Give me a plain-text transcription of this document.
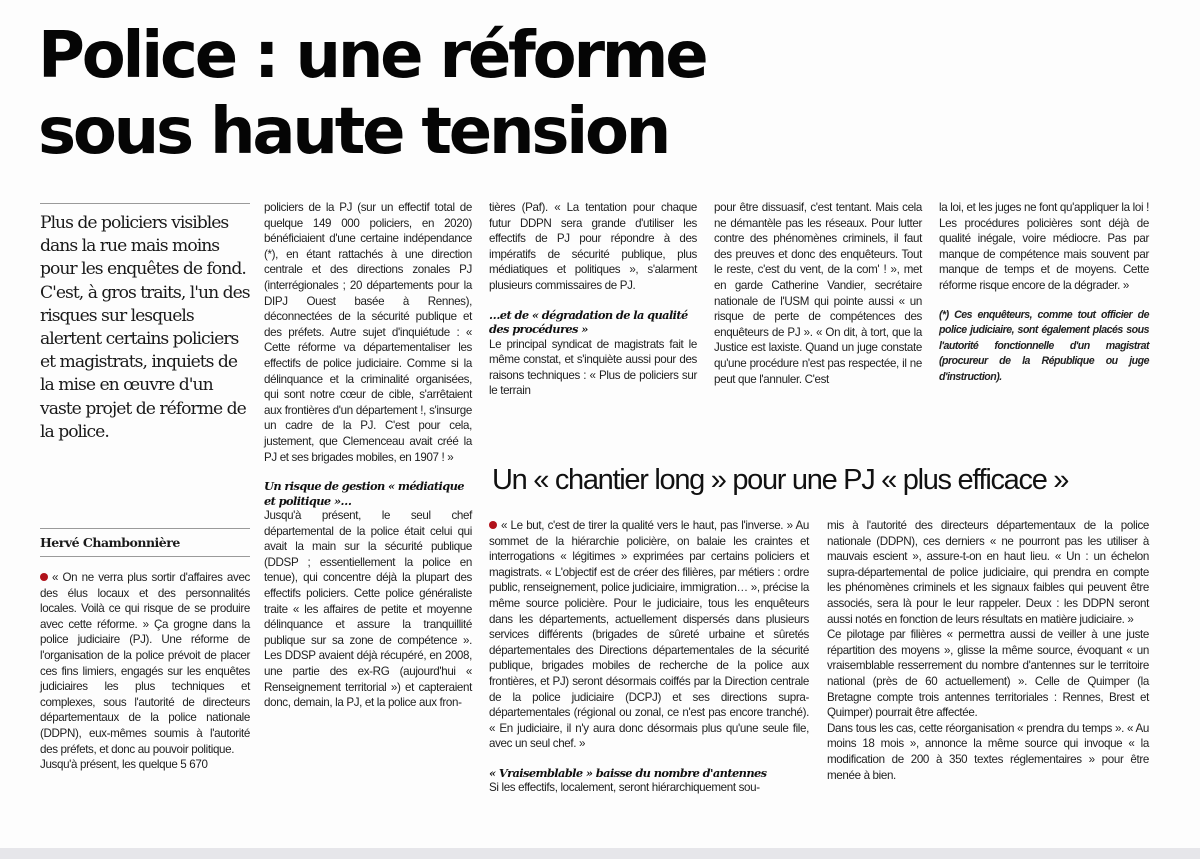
Police : une réforme
sous haute tension
Plus de policiers visibles dans la rue mais moins pour les enquêtes de fond. C'est, à gros traits, l'un des risques sur lesquels alertent certains policiers et magistrats, inquiets de la mise en œuvre d'un vaste projet de réforme de la police.
Hervé Chambonnière

« On ne verra plus sortir d'affaires avec des élus locaux et des personnalités locales. Voilà ce qui risque de se produire avec cette réforme. » Ça grogne dans la police judiciaire (PJ). Une réforme de l'organisation de la police prévoit de placer ces fins limiers, engagés sur les enquêtes judiciaires les plus techniques et complexes, sous l'autorité de directeurs départementaux de la police nationale (DDPN), eux-mêmes soumis à l'autorité des préfets, et donc au pouvoir politique.

Jusqu'à présent, les quelque 5 670

policiers de la PJ (sur un effectif total de quelque 149 000 policiers, en 2020) bénéficiaient d'une certaine indépendance (*), en étant rattachés à une direction centrale et des directions zonales PJ (interrégionales ; 20 départements pour la DIPJ Ouest basée à Rennes), déconnectées de la sécurité publique et des préfets. Autre sujet d'inquiétude : « Cette réforme va départementaliser les effectifs de police judiciaire. Comme si la délinquance et la criminalité organisées, qui sont notre cœur de cible, s'arrêtaient aux frontières d'un département !, s'insurge un cadre de la PJ. C'est pour cela, justement, que Clemenceau avait créé la PJ et ses brigades mobiles, en 1907 ! »

Un risque de gestion « médiatique et politique »…

Jusqu'à présent, le seul chef départemental de la police était celui qui avait la main sur la sécurité publique (DDSP ; essentiellement la police en tenue), qui concentre déjà la plupart des effectifs policiers. Cette police généraliste traite « les affaires de petite et moyenne délinquance et assure la tranquillité publique sur sa zone de compétence ». Les DDSP avaient déjà récupéré, en 2008, une partie des ex-RG (aujourd'hui « Renseignement territorial ») et capteraient donc, demain, la PJ, et la police aux fron-

tières (Paf). « La tentation pour chaque futur DDPN sera grande d'utiliser les effectifs de PJ pour répondre à des impératifs de sécurité publique, plus médiatiques et politiques », s'alarment plusieurs commissaires de PJ.

…et de « dégradation de la qualité des procédures »

Le principal syndicat de magistrats fait le même constat, et s'inquiète aussi pour des raisons techniques : « Plus de policiers sur le terrain

pour être dissuasif, c'est tentant. Mais cela ne démantèle pas les réseaux. Pour lutter contre des phénomènes criminels, il faut des preuves et donc des enquêteurs. Tout le reste, c'est du vent, de la com' ! », met en garde Catherine Vandier, secrétaire nationale de l'USM qui pointe aussi « un risque de perte de compétences des enquêteurs de PJ ». « On dit, à tort, que la Justice est laxiste. Quand un juge constate qu'une procédure n'est pas respectée, il ne peut que l'annuler. C'est

la loi, et les juges ne font qu'appliquer la loi ! Les procédures policières sont déjà de qualité inégale, voire médiocre. Pas par manque de compétence mais souvent par manque de temps et de moyens. Cette réforme risque encore de la dégrader. »

(*) Ces enquêteurs, comme tout officier de police judiciaire, sont également placés sous l'autorité fonctionnelle d'un magistrat (procureur de la République ou juge d'instruction).

Un « chantier long » pour une PJ « plus efficace »

« Le but, c'est de tirer la qualité vers le haut, pas l'inverse. » Au sommet de la hiérarchie policière, on balaie les craintes et interrogations « légitimes » exprimées par certains policiers et magistrats. « L'objectif est de créer des filières, par métiers : ordre public, renseignement, police judiciaire, immigration… », précise la même source policière. Pour le judiciaire, tous les enquêteurs dans les départements, actuellement dispersés dans plusieurs services différents (brigades de sûreté urbaine et sûretés départementales des Directions départementales de la sécurité publique, brigades mobiles de recherche de la police aux frontières, et PJ) seront désormais coiffés par la Direction centrale de la police judiciaire (DCPJ) et ses directions supra-départementales (régional ou zonal, ce n'est pas encore tranché). « En judiciaire, il n'y aura donc désormais plus qu'une seule file, avec un seul chef. »

« Vraisemblable » baisse du nombre d'antennes

Si les effectifs, localement, seront hiérarchiquement sou-

mis à l'autorité des directeurs départementaux de la police nationale (DDPN), ces derniers « ne pourront pas les utiliser à mauvais escient », assure-t-on en haut lieu. « Un : un échelon supra-départemental de police judiciaire, qui prendra en compte les phénomènes criminels et les signaux faibles qui peuvent être associés, sera là pour le leur rappeler. Deux : les DDPN seront aussi notés en fonction de leurs résultats en matière judiciaire. »

Ce pilotage par filières « permettra aussi de veiller à une juste répartition des moyens », glisse la même source, évoquant « un vraisemblable resserrement du nombre d'antennes sur le territoire national (près de 60 actuellement) ». Celle de Quimper (la Bretagne compte trois antennes territoriales : Rennes, Brest et Quimper) pourrait être affectée.

Dans tous les cas, cette réorganisation « prendra du temps ». « Au moins 18 mois », annonce la même source qui invoque « la modification de 200 à 350 textes réglementaires » pour être menée à bien.
